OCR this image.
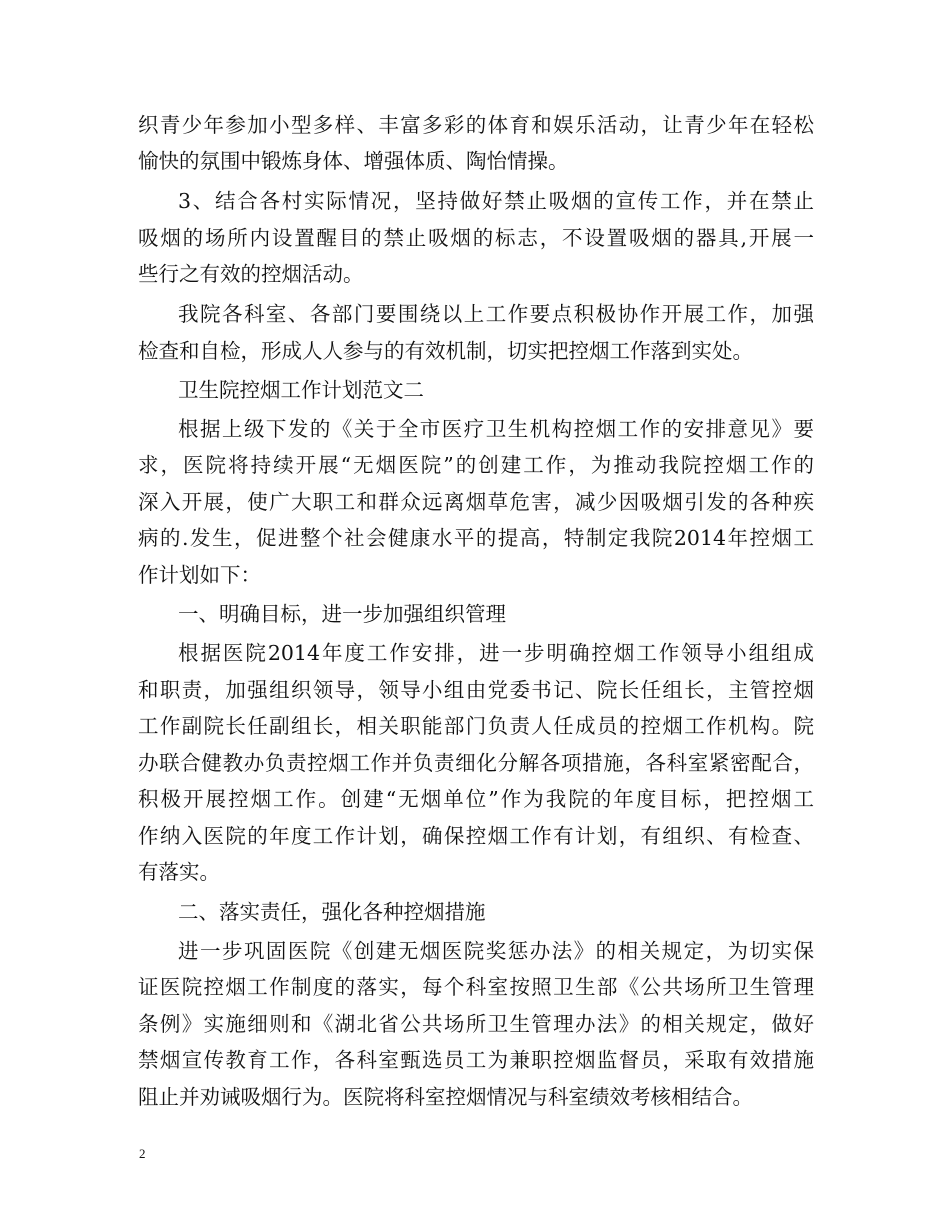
织青少年参加小型多样、丰富多彩的体育和娱乐活动，让青少年在轻松
愉快的氛围中锻炼身体、增强体质、陶怡情操。
3、结合各村实际情况，坚持做好禁止吸烟的宣传工作，并在禁止
吸烟的场所内设置醒目的禁止吸烟的标志，不设置吸烟的器具,开展一
些行之有效的控烟活动。
我院各科室、各部门要围绕以上工作要点积极协作开展工作，加强
检查和自检，形成人人参与的有效机制，切实把控烟工作落到实处。
卫生院控烟工作计划范文二
根据上级下发的《关于全市医疗卫生机构控烟工作的安排意见》要
求，医院将持续开展“无烟医院”的创建工作，为推动我院控烟工作的
深入开展，使广大职工和群众远离烟草危害，减少因吸烟引发的各种疾
病的.发生，促进整个社会健康水平的提高，特制定我院2014年控烟工
作计划如下：
一、明确目标，进一步加强组织管理
根据医院2014年度工作安排，进一步明确控烟工作领导小组组成
和职责，加强组织领导，领导小组由党委书记、院长任组长，主管控烟
工作副院长任副组长，相关职能部门负责人任成员的控烟工作机构。院
办联合健教办负责控烟工作并负责细化分解各项措施，各科室紧密配合，
积极开展控烟工作。创建“无烟单位”作为我院的年度目标，把控烟工
作纳入医院的年度工作计划，确保控烟工作有计划，有组织、有检查、
有落实。
二、落实责任，强化各种控烟措施
进一步巩固医院《创建无烟医院奖惩办法》的相关规定，为切实保
证医院控烟工作制度的落实，每个科室按照卫生部《公共场所卫生管理
条例》实施细则和《湖北省公共场所卫生管理办法》的相关规定，做好
禁烟宣传教育工作，各科室甄选员工为兼职控烟监督员，采取有效措施
阻止并劝诫吸烟行为。医院将科室控烟情况与科室绩效考核相结合。
2
